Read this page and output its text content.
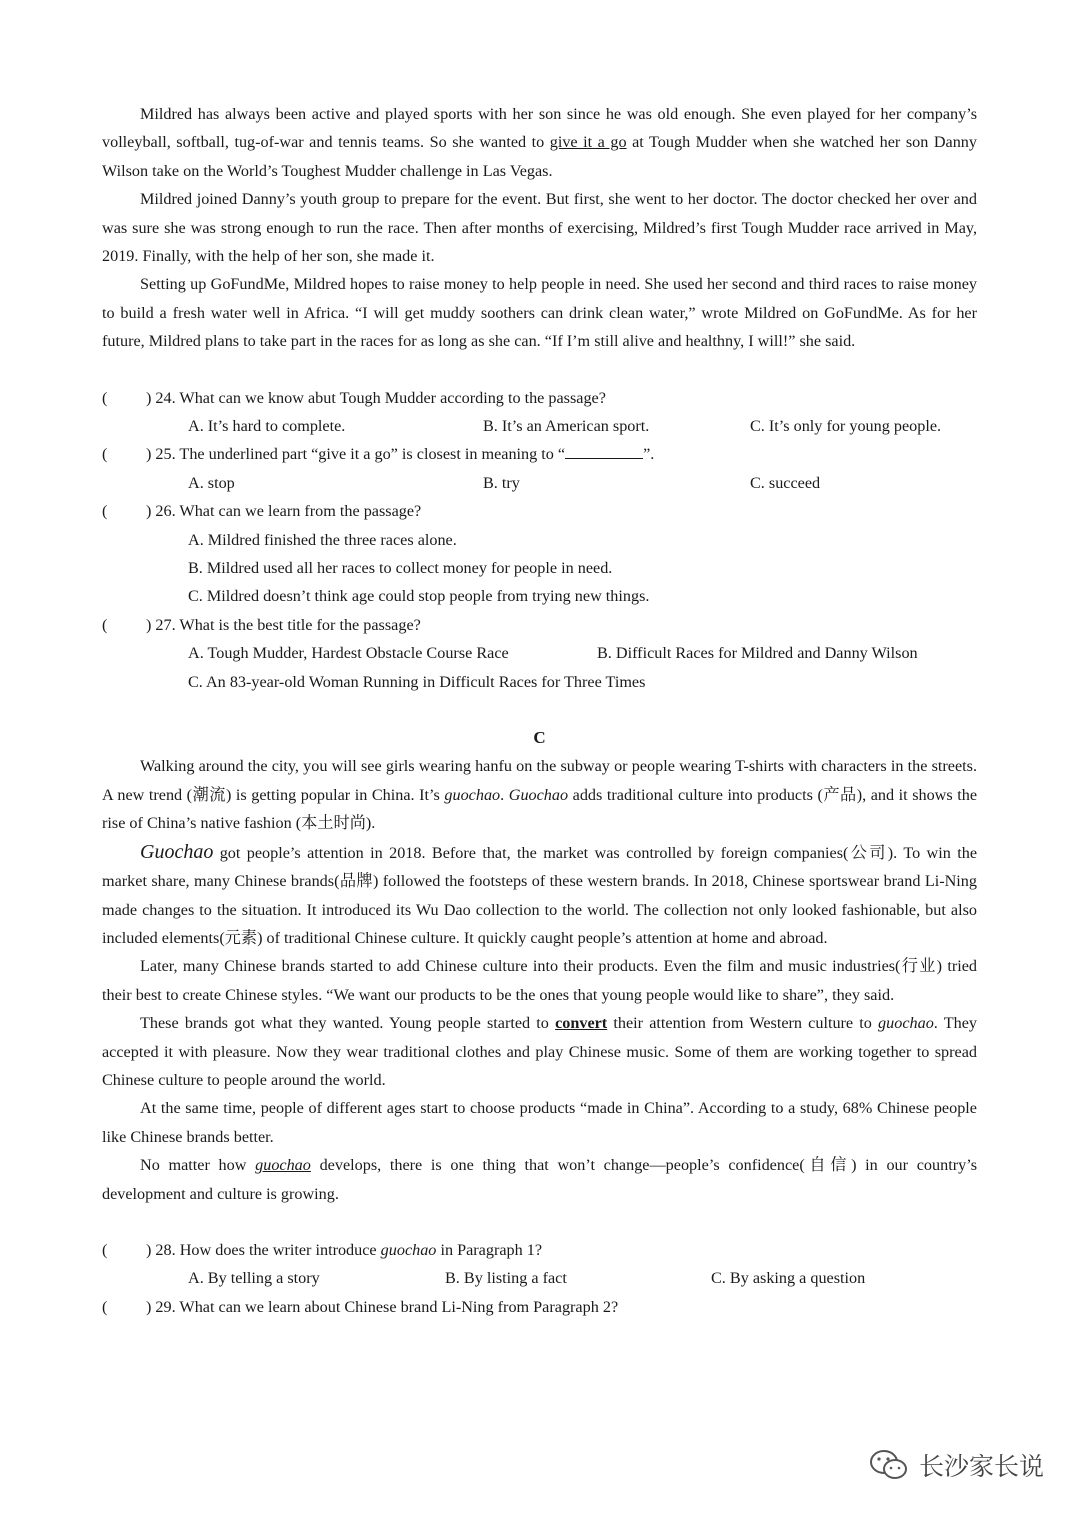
Mildred has always been active and played sports with her son since he was old enough. She even played for her company’s volleyball, softball, tug-of-war and tennis teams. So she wanted to give it a go at Tough Mudder when she watched her son Danny Wilson take on the World’s Toughest Mudder challenge in Las Vegas.

Mildred joined Danny’s youth group to prepare for the event. But first, she went to her doctor. The doctor checked her over and was sure she was strong enough to run the race. Then after months of exercising, Mildred’s first Tough Mudder race arrived in May, 2019. Finally, with the help of her son, she made it.

Setting up GoFundMe, Mildred hopes to raise money to help people in need. She used her second and third races to raise money to build a fresh water well in Africa. “I will get muddy soothers can drink clean water,” wrote Mildred on GoFundMe. As for her future, Mildred plans to take part in the races for as long as she can. “If I’m still alive and healthny, I will!” she said.

( ) 24. What can we know abut Tough Mudder according to the passage?

A. It’s hard to complete.	B. It’s an American sport.	C. It’s only for young people.

( ) 25. The underlined part “give it a go” is closest in meaning to “	”.

A. stop	B. try	C. succeed

( ) 26. What can we learn from the passage?

A. Mildred finished the three races alone.

B. Mildred used all her races to collect money for people in need.

C. Mildred doesn’t think age could stop people from trying new things.

( ) 27. What is the best title for the passage?

A. Tough Mudder, Hardest Obstacle Course Race	B. Difficult Races for Mildred and Danny Wilson

C. An 83-year-old Woman Running in Difficult Races for Three Times

C

Walking around the city, you will see girls wearing hanfu on the subway or people wearing T-shirts with characters in the streets. A new trend (潮流) is getting popular in China. It’s guochao. Guochao adds traditional culture into products (产品), and it shows the rise of China’s native fashion (本土时尚).

Guochao got people’s attention in 2018. Before that, the market was controlled by foreign companies(公司). To win the market share, many Chinese brands(品牌) followed the footsteps of these western brands. In 2018, Chinese sportswear brand Li-Ning made changes to the situation. It introduced its Wu Dao collection to the world. The collection not only looked fashionable, but also included elements(元素) of traditional Chinese culture. It quickly caught people’s attention at home and abroad.

Later, many Chinese brands started to add Chinese culture into their products. Even the film and music industries(行业) tried their best to create Chinese styles. “We want our products to be the ones that young people would like to share”, they said.

These brands got what they wanted. Young people started to convert their attention from Western culture to guochao. They accepted it with pleasure. Now they wear traditional clothes and play Chinese music. Some of them are working together to spread Chinese culture to people around the world.

At the same time, people of different ages start to choose products “made in China”. According to a study, 68% Chinese people like Chinese brands better.

No matter how guochao develops, there is one thing that won’t change—people’s confidence(自信) in our country’s development and culture is growing.

( ) 28. How does the writer introduce guochao in Paragraph 1?

A. By telling a story	B. By listing a fact	C. By asking a question

( ) 29. What can we learn about Chinese brand Li-Ning from Paragraph 2?

长沙家长说
